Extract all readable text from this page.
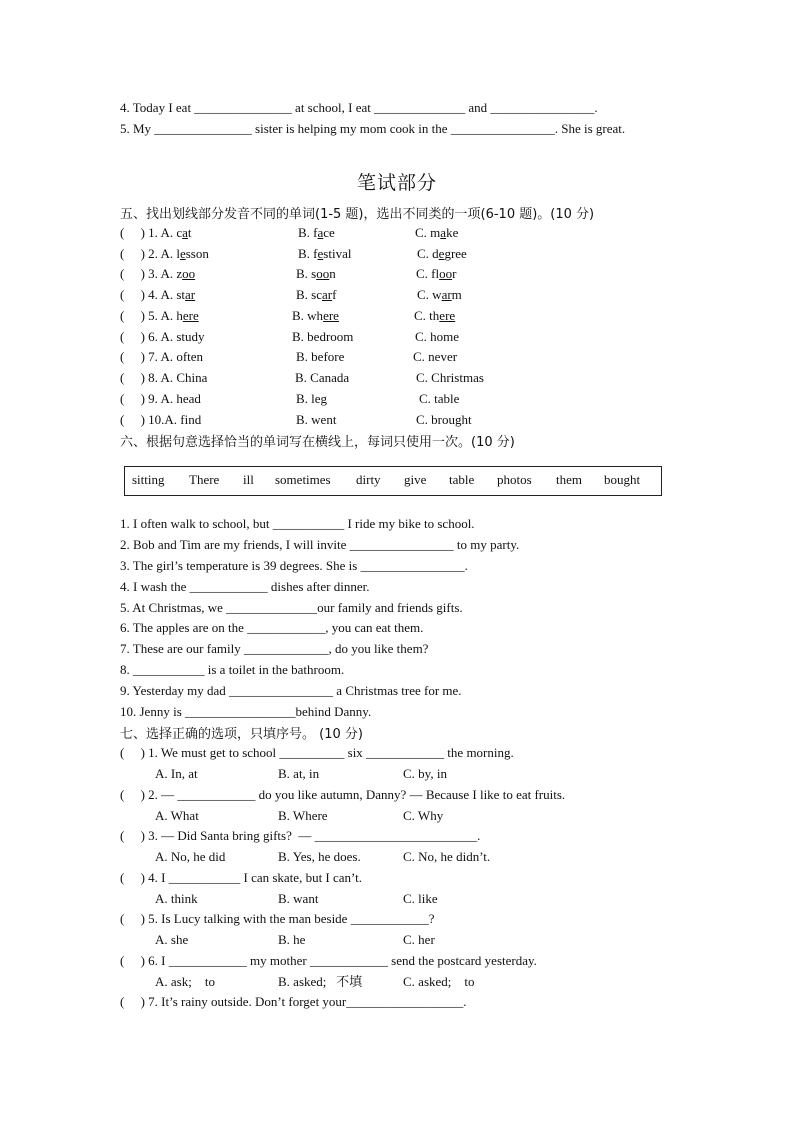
4. Today I eat _______________ at school, I eat ______________ and ________________.
5. My _______________ sister is helping my mom cook in the ________________. She is great.
笔试部分
五、找出划线部分发音不同的单词(1-5 题)，选出不同类的一项(6-10 题)。(10 分)
(     ) 1. A. cat	B. face	C. make
(     ) 2. A. lesson	B. festival	C. degree
(     ) 3. A. zoo	B. soon	C. floor
(     ) 4. A. star	B. scarf	C. warm
(     ) 5. A. here	B. where	C. there
(     ) 6. A. study	B. bedroom	C. home
(     ) 7. A. often	B. before	C. never
(     ) 8. A. China	B. Canada	C. Christmas
(     ) 9. A. head	B. leg	C. table
(     ) 10.A. find	B. went	C. brought
六、根据句意选择恰当的单词写在横线上，每词只使用一次。(10 分)
sitting There ill sometimes dirty give table photos them bought
1. I often walk to school, but ___________ I ride my bike to school.
2. Bob and Tim are my friends, I will invite ________________ to my party.
3. The girl’s temperature is 39 degrees. She is ________________.
4. I wash the ____________ dishes after dinner.
5. At Christmas, we ______________our family and friends gifts.
6. The apples are on the ____________, you can eat them.
7. These are our family _____________, do you like them?
8. ___________ is a toilet in the bathroom.
9. Yesterday my dad ________________ a Christmas tree for me.
10. Jenny is _________________behind Danny.
七、选择正确的选项，只填序号。 (10 分)
(     ) 1. We must get to school __________ six ____________ the morning.
A. In, at	B. at, in	C. by, in
(     ) 2. — ____________ do you like autumn, Danny? — Because I like to eat fruits.
A. What	B. Where	C. Why
(     ) 3. — Did Santa bring gifts?  — _________________________.
A. No, he did	B. Yes, he does.	C. No, he didn’t.
(     ) 4. I ___________ I can skate, but I can’t.
A. think	B. want	C. like
(     ) 5. Is Lucy talking with the man beside ____________?
A. she	B. he	C. her
(     ) 6. I ____________ my mother ____________ send the postcard yesterday.
A. ask;    to	B. asked;   不填	C. asked;    to
(     ) 7. It’s rainy outside. Don’t forget your__________________.
